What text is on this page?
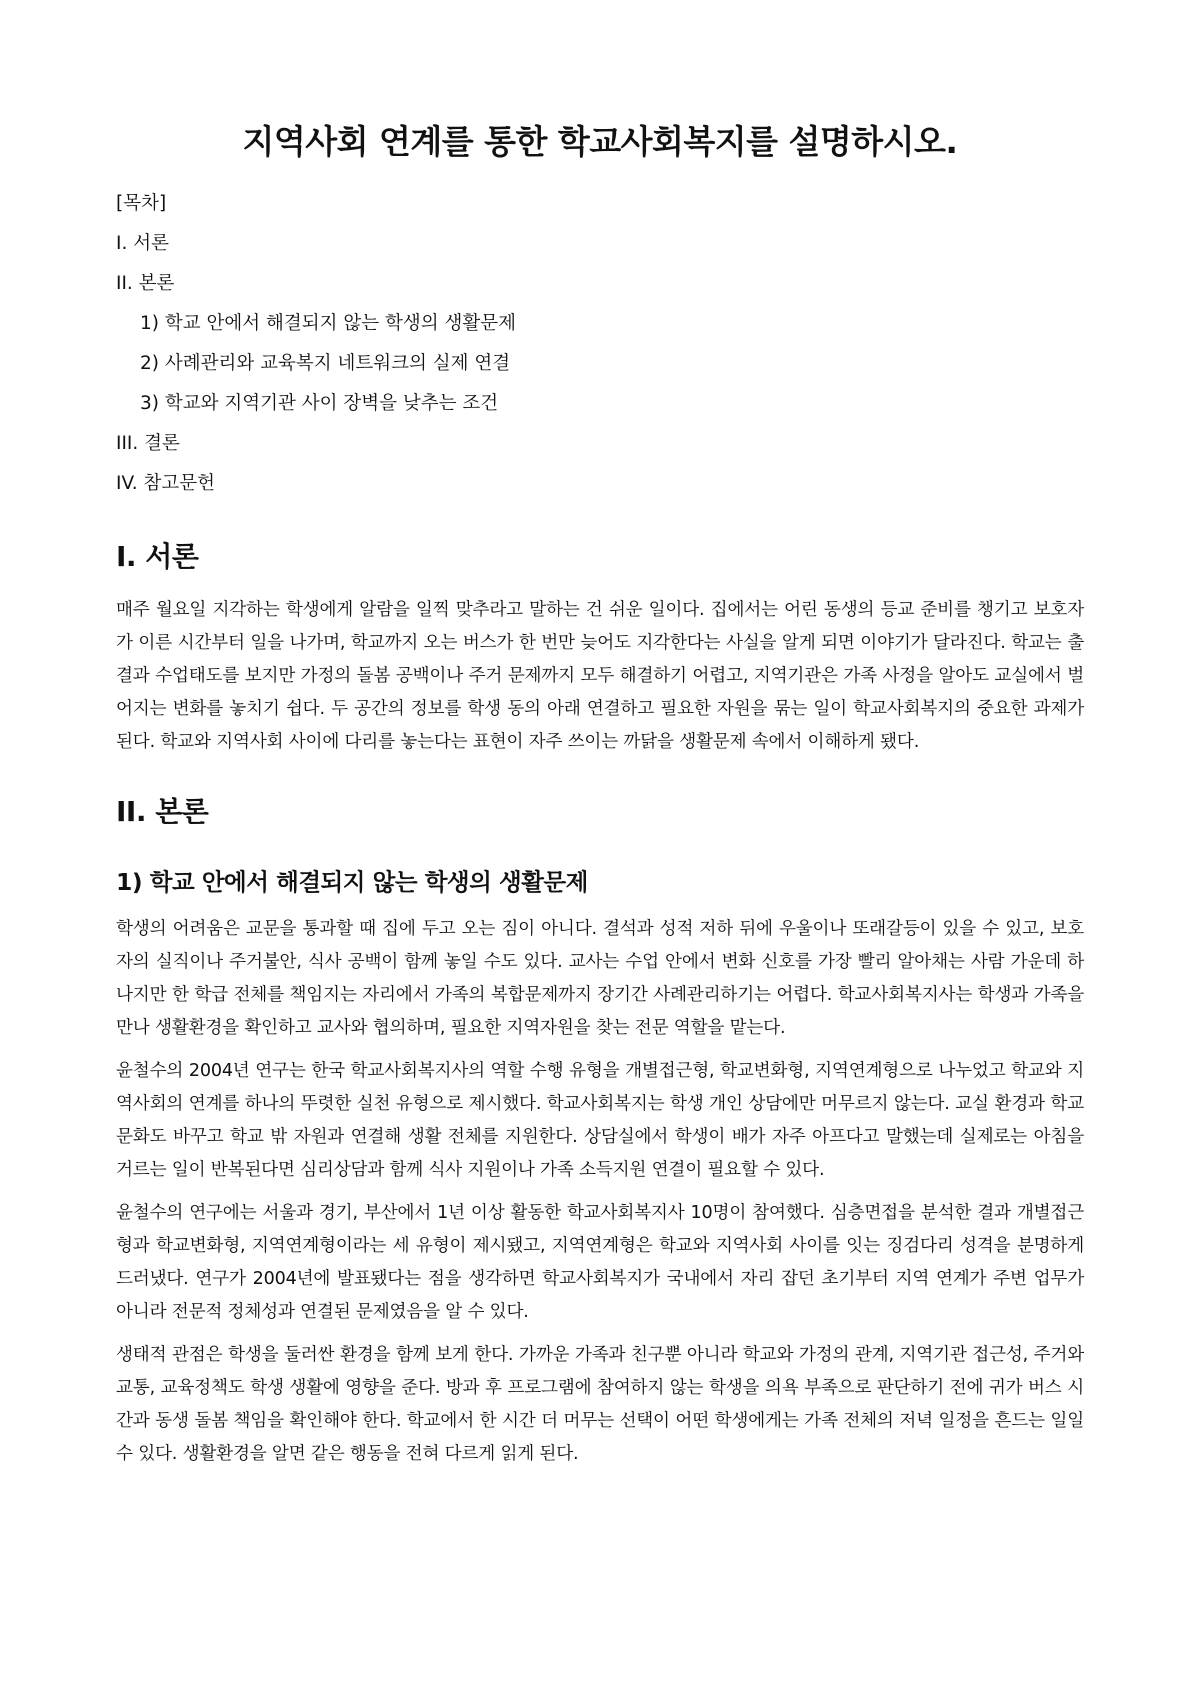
지역사회 연계를 통한 학교사회복지를 설명하시오.
[목차]
I. 서론
II. 본론
1) 학교 안에서 해결되지 않는 학생의 생활문제
2) 사례관리와 교육복지 네트워크의 실제 연결
3) 학교와 지역기관 사이 장벽을 낮추는 조건
III. 결론
IV. 참고문헌
I. 서론

매주 월요일 지각하는 학생에게 알람을 일찍 맞추라고 말하는 건 쉬운 일이다. 집에서는 어린 동생의 등교 준비를 챙기고 보호자가 이른 시간부터 일을 나가며, 학교까지 오는 버스가 한 번만 늦어도 지각한다는 사실을 알게 되면 이야기가 달라진다. 학교는 출결과 수업태도를 보지만 가정의 돌봄 공백이나 주거 문제까지 모두 해결하기 어렵고, 지역기관은 가족 사정을 알아도 교실에서 벌어지는 변화를 놓치기 쉽다. 두 공간의 정보를 학생 동의 아래 연결하고 필요한 자원을 묶는 일이 학교사회복지의 중요한 과제가 된다. 학교와 지역사회 사이에 다리를 놓는다는 표현이 자주 쓰이는 까닭을 생활문제 속에서 이해하게 됐다.

II. 본론
1) 학교 안에서 해결되지 않는 학생의 생활문제

학생의 어려움은 교문을 통과할 때 집에 두고 오는 짐이 아니다. 결석과 성적 저하 뒤에 우울이나 또래갈등이 있을 수 있고, 보호자의 실직이나 주거불안, 식사 공백이 함께 놓일 수도 있다. 교사는 수업 안에서 변화 신호를 가장 빨리 알아채는 사람 가운데 하나지만 한 학급 전체를 책임지는 자리에서 가족의 복합문제까지 장기간 사례관리하기는 어렵다. 학교사회복지사는 학생과 가족을 만나 생활환경을 확인하고 교사와 협의하며, 필요한 지역자원을 찾는 전문 역할을 맡는다.

윤철수의 2004년 연구는 한국 학교사회복지사의 역할 수행 유형을 개별접근형, 학교변화형, 지역연계형으로 나누었고 학교와 지역사회의 연계를 하나의 뚜렷한 실천 유형으로 제시했다. 학교사회복지는 학생 개인 상담에만 머무르지 않는다. 교실 환경과 학교문화도 바꾸고 학교 밖 자원과 연결해 생활 전체를 지원한다. 상담실에서 학생이 배가 자주 아프다고 말했는데 실제로는 아침을 거르는 일이 반복된다면 심리상담과 함께 식사 지원이나 가족 소득지원 연결이 필요할 수 있다.

윤철수의 연구에는 서울과 경기, 부산에서 1년 이상 활동한 학교사회복지사 10명이 참여했다. 심층면접을 분석한 결과 개별접근형과 학교변화형, 지역연계형이라는 세 유형이 제시됐고, 지역연계형은 학교와 지역사회 사이를 잇는 징검다리 성격을 분명하게 드러냈다. 연구가 2004년에 발표됐다는 점을 생각하면 학교사회복지가 국내에서 자리 잡던 초기부터 지역 연계가 주변 업무가 아니라 전문적 정체성과 연결된 문제였음을 알 수 있다.

생태적 관점은 학생을 둘러싼 환경을 함께 보게 한다. 가까운 가족과 친구뿐 아니라 학교와 가정의 관계, 지역기관 접근성, 주거와 교통, 교육정책도 학생 생활에 영향을 준다. 방과 후 프로그램에 참여하지 않는 학생을 의욕 부족으로 판단하기 전에 귀가 버스 시간과 동생 돌봄 책임을 확인해야 한다. 학교에서 한 시간 더 머무는 선택이 어떤 학생에게는 가족 전체의 저녁 일정을 흔드는 일일 수 있다. 생활환경을 알면 같은 행동을 전혀 다르게 읽게 된다.
